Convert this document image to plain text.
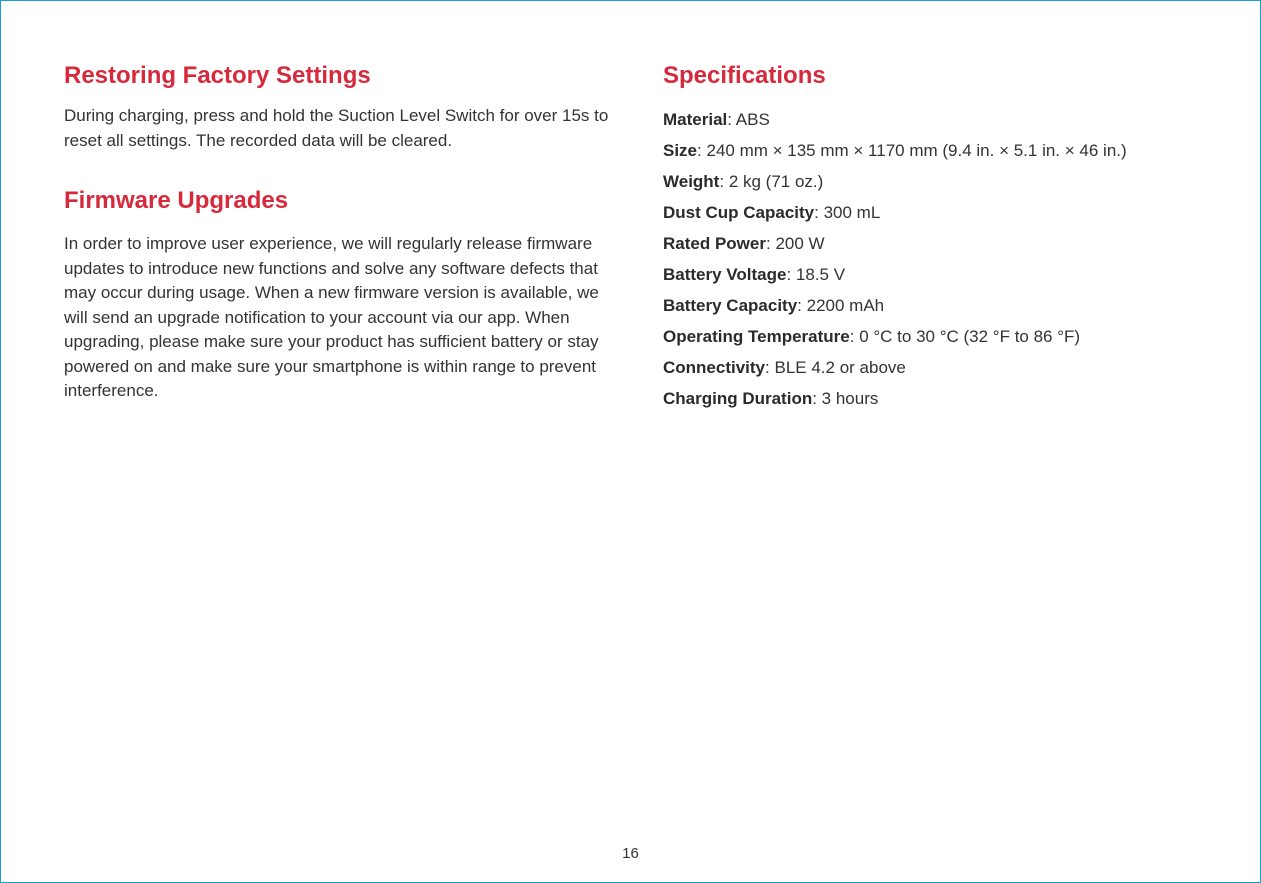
Restoring Factory Settings

During charging, press and hold the Suction Level Switch for over 15s to reset all settings. The recorded data will be cleared.

Firmware Upgrades

In order to improve user experience, we will regularly release firmware updates to introduce new functions and solve any software defects that may occur during usage. When a new firmware version is available, we will send an upgrade notification to your account via our app. When upgrading, please make sure your product has sufficient battery or stay powered on and make sure your smartphone is within range to prevent interference.

Specifications
Material: ABS
Size: 240 mm × 135 mm × 1170 mm (9.4 in. × 5.1 in. × 46 in.)
Weight: 2 kg (71 oz.)
Dust Cup Capacity: 300 mL
Rated Power: 200 W
Battery Voltage: 18.5 V
Battery Capacity: 2200 mAh
Operating Temperature: 0 °C to 30 °C (32 °F to 86 °F)
Connectivity: BLE 4.2 or above
Charging Duration: 3 hours
16
